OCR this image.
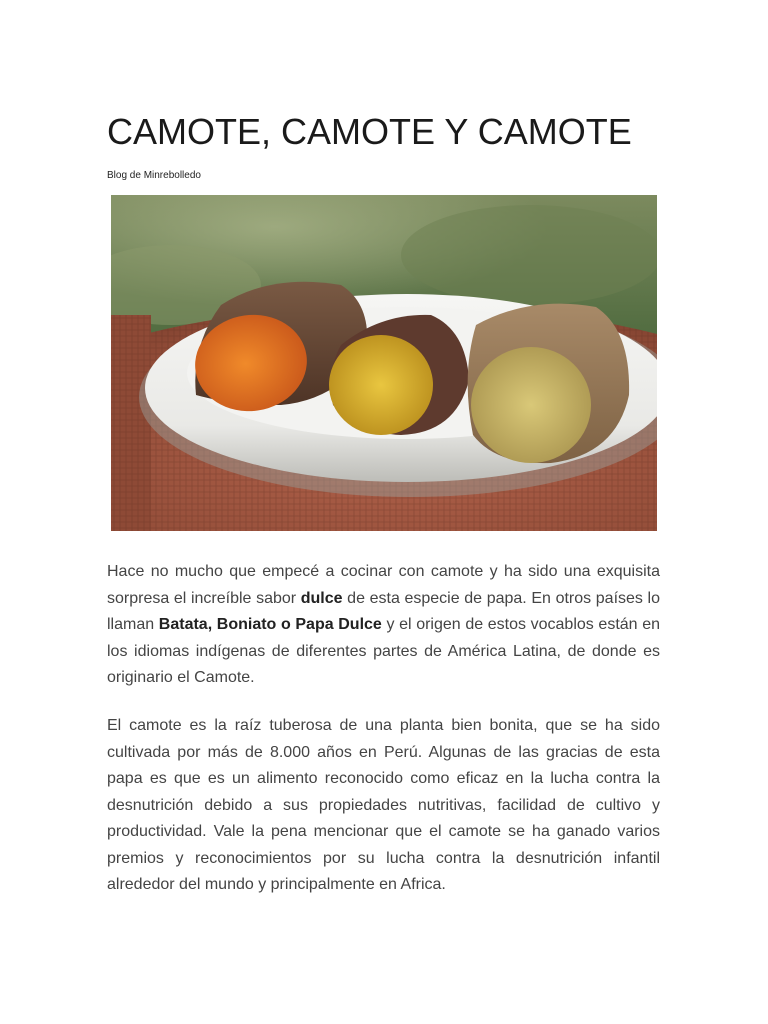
CAMOTE, CAMOTE Y CAMOTE
Blog de Minrebolledo

Hace no mucho que empecé a cocinar con camote y ha sido una exquisita sorpresa el increíble sabor dulce de esta especie de papa. En otros países lo llaman Batata, Boniato o Papa Dulce y el origen de estos vocablos están en los idiomas indígenas de diferentes partes de América Latina, de donde es originario el Camote.

El camote es la raíz tuberosa de una planta bien bonita, que se ha sido cultivada por más de 8.000 años en Perú. Algunas de las gracias de esta papa es que es un alimento reconocido como eficaz en la lucha contra la desnutrición debido a sus propiedades nutritivas, facilidad de cultivo y productividad. Vale la pena mencionar que el camote se ha ganado varios premios y reconocimientos por su lucha contra la desnutrición infantil alrededor del mundo y principalmente en Africa.
